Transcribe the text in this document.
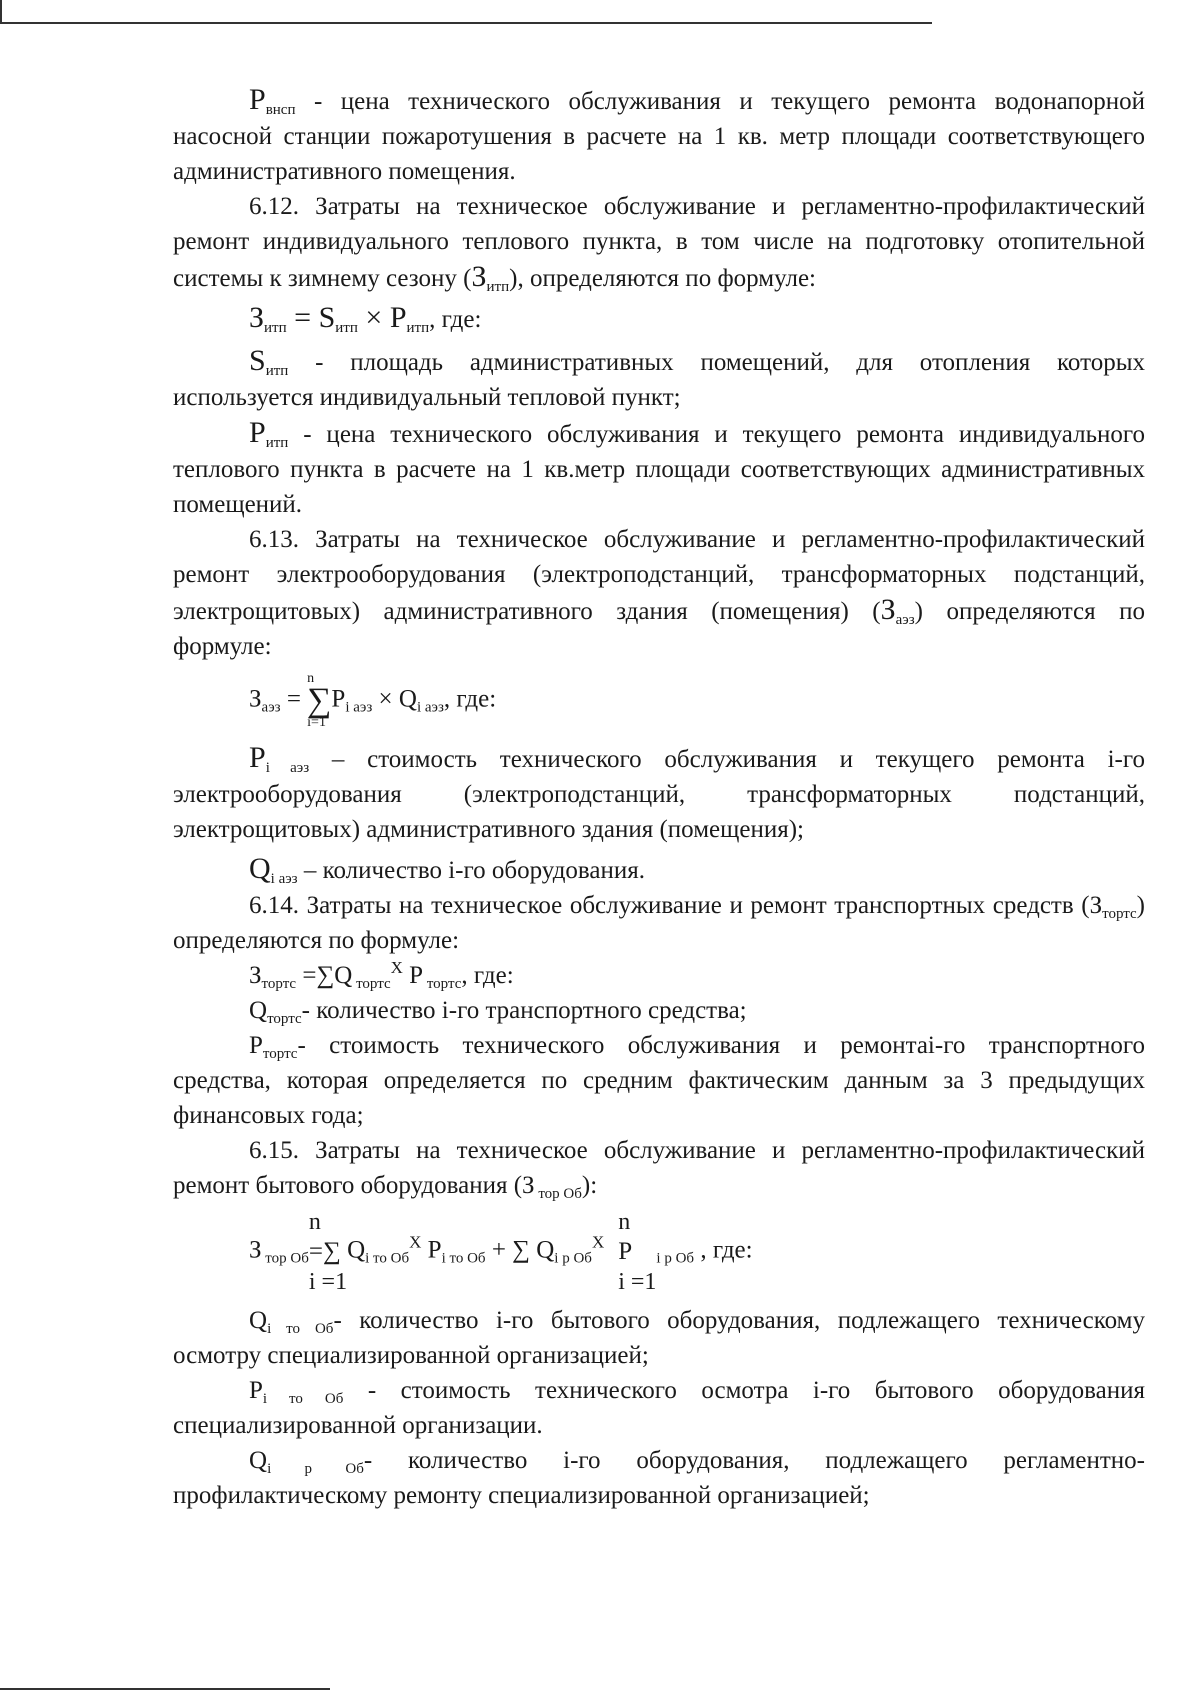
$P_{внсп}$ - цена технического обслуживания и текущего ремонта водонапорной насосной станции пожаротушения в расчете на 1 кв. метр площади соответствующего административного помещения.

6.12. Затраты на техническое обслуживание и регламентно-профилактический ремонт индивидуального теплового пункта, в том числе на подготовку отопительной системы к зимнему сезону $(З_{итп})$, определяются по формуле:

$З_{итп} = S_{итп} \times P_{итп}$, где:

$S_{итп}$ - площадь административных помещений, для отопления которых используется индивидуальный тепловой пункт;

$P_{итп}$ - цена технического обслуживания и текущего ремонта индивидуального теплового пункта в расчете на 1 кв.метр площади соответствующих административных помещений.

6.13. Затраты на техническое обслуживание и регламентно-профилактический ремонт электрооборудования (электроподстанций, трансформаторных подстанций, электрощитовых) административного здания (помещения) $(З_{аэз})$ определяются по формуле:

$З_{аэз}$ =
n
∑
i=1
$P_{i аэз} \times Q_{i аэз}$, где:

$P_{i аэз}$ – стоимость технического обслуживания и текущего ремонта i-го электрооборудования (электроподстанций, трансформаторных подстанций, электрощитовых) административного здания (помещения);

$Q_{i аэз}$ – количество i-го оборудования.

6.14. Затраты на техническое обслуживание и ремонт транспортных средств $(З_{тортс})$ определяются по формуле:

$З_{тортс} =\sum Q$ $_{тортс}^X$ P $_{тортс}$, где:

$Q_{тортс}-$ количество i-го транспортного средства;

$P_{тортс}-$ стоимость технического обслуживания и ремонтаi-го транспортного средства, которая определяется по средним фактическим данным за 3 предыдущих финансовых года;

6.15. Затраты на техническое обслуживание и регламентно-профилактический ремонт бытового оборудования (З $_{тор Об}$):

З $_{тор Об}$
n
=∑
i =1
$Q_{i то Об}^X$ $P_{i то Об}$ + ∑ $Q_{i р Об}^X$
n
P
i =1
$_{i р Об}$ , где:

$Q_{i то Об}-$ количество i-го бытового оборудования, подлежащего техническому осмотру специализированной организацией;

$P_{i то Об}$ - стоимость технического осмотра i-го бытового оборудования специализированной организации.

$Q_{i р Об}-$ количество i-го оборудования, подлежащего регламентно-профилактическому ремонту специализированной организацией;
